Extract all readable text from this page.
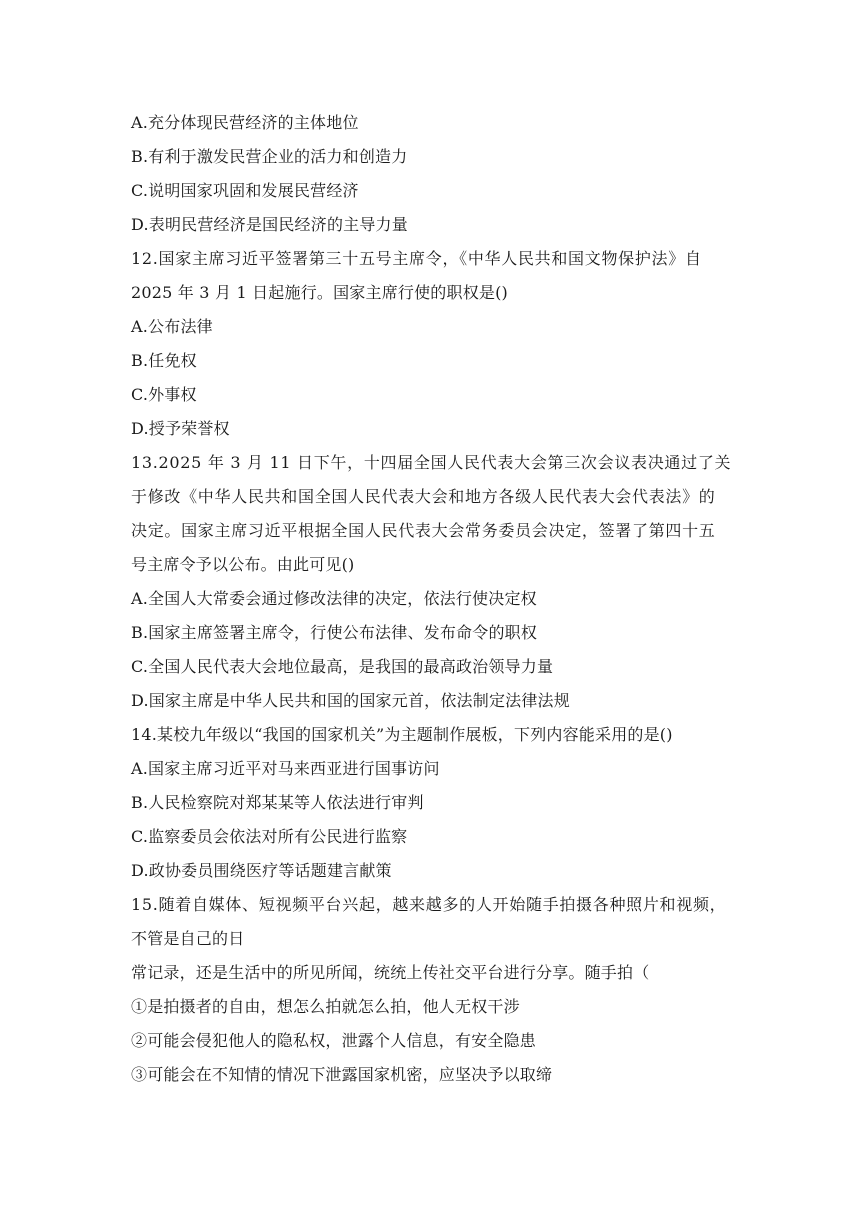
A.充分体现民营经济的主体地位
B.有利于激发民营企业的活力和创造力
C.说明国家巩固和发展民营经济
D.表明民营经济是国民经济的主导力量
12.国家主席习近平签署第三十五号主席令，《中华人民共和国文物保护法》自
2025 年 3 月 1 日起施行。国家主席行使的职权是()
A.公布法律
B.任免权
C.外事权
D.授予荣誉权
13.2025 年 3 月 11 日下午，十四届全国人民代表大会第三次会议表决通过了关
于修改《中华人民共和国全国人民代表大会和地方各级人民代表大会代表法》的
决定。国家主席习近平根据全国人民代表大会常务委员会决定，签署了第四十五
号主席令予以公布。由此可见()
A.全国人大常委会通过修改法律的决定，依法行使决定权
B.国家主席签署主席令，行使公布法律、发布命令的职权
C.全国人民代表大会地位最高，是我国的最高政治领导力量
D.国家主席是中华人民共和国的国家元首，依法制定法律法规
14.某校九年级以“我国的国家机关”为主题制作展板，下列内容能采用的是()
A.国家主席习近平对马来西亚进行国事访问
B.人民检察院对郑某某等人依法进行审判
C.监察委员会依法对所有公民进行监察
D.政协委员围绕医疗等话题建言献策
15.随着自媒体、短视频平台兴起，越来越多的人开始随手拍摄各种照片和视频，
不管是自己的日
常记录，还是生活中的所见所闻，统统上传社交平台进行分享。随手拍（
①是拍摄者的自由，想怎么拍就怎么拍，他人无权干涉
②可能会侵犯他人的隐私权，泄露个人信息，有安全隐患
③可能会在不知情的情况下泄露国家机密，应坚决予以取缔
